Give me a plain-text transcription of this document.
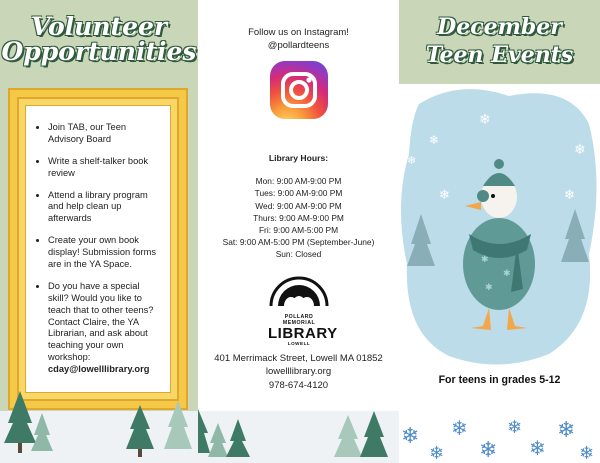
Volunteer
Opportunities
• Join TAB, our Teen Advisory Board
• Write a shelf-talker book review
• Attend a library program and help clean up afterwards
• Create your own book display! Submission forms are in the YA Space.
• Do you have a special skill? Would you like to teach that to other teens? Contact Claire, the YA Librarian, and ask about teaching your own workshop:
cday@lowelllibrary.org
Follow us on Instagram!
@pollardteens
Library Hours:
Mon: 9:00 AM-9:00 PM
Tues: 9:00 AM-9:00 PM
Wed: 9:00 AM-9:00 PM
Thurs: 9:00 AM-9:00 PM
Fri: 9:00 AM-5:00 PM
Sat: 9:00 AM-5:00 PM (September-June)
Sun: Closed
POLLARD MEMORIAL
LIBRARY
LOWELL
401 Merrimack Street, Lowell MA 01852
lowelllibrary.org
978-674-4120
December
Teen Events
❄
❄
❄
❄	❄
❄
✱
✱
✱
For teens in grades 5-12
❄
❄
❄
❄
❄
❄
❄
❄
